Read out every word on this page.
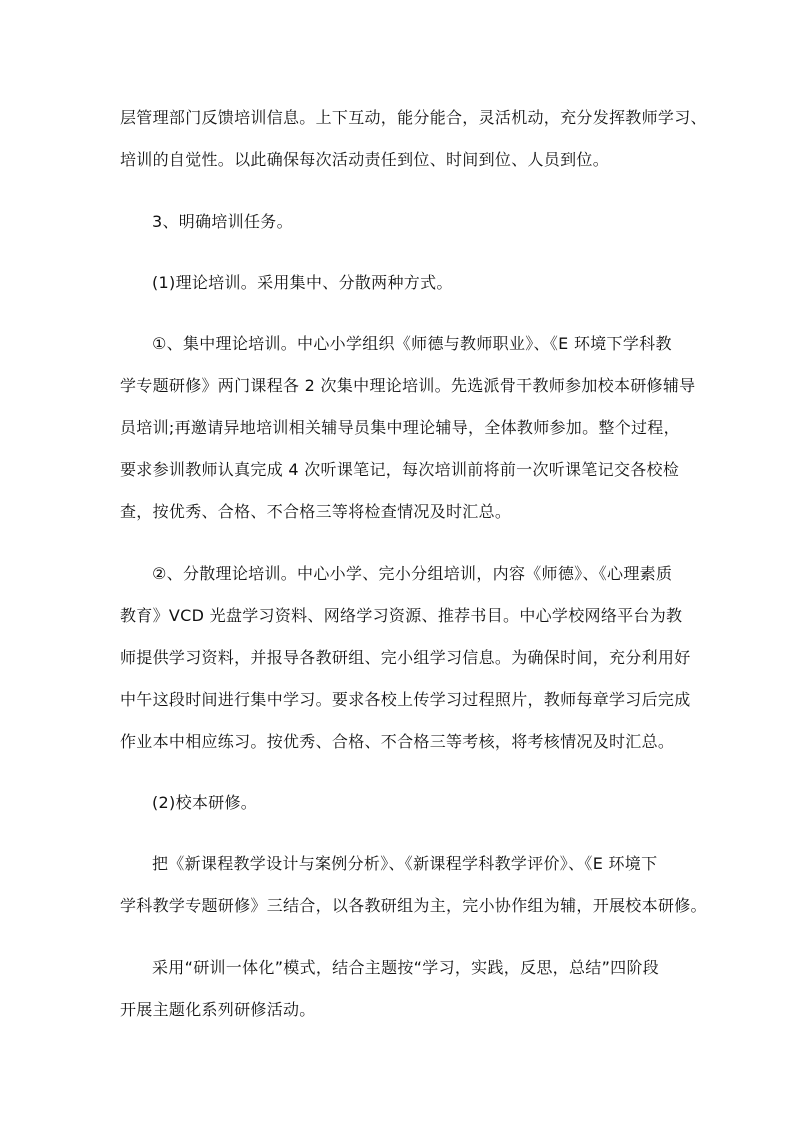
层管理部门反馈培训信息。上下互动，能分能合，灵活机动，充分发挥教师学习、
培训的自觉性。以此确保每次活动责任到位、时间到位、人员到位。
3、明确培训任务。
(1)理论培训。采用集中、分散两种方式。
①、集中理论培训。中心小学组织《师德与教师职业》、《E 环境下学科教
学专题研修》两门课程各 2 次集中理论培训。先选派骨干教师参加校本研修辅导
员培训;再邀请异地培训相关辅导员集中理论辅导，全体教师参加。整个过程，
要求参训教师认真完成 4 次听课笔记，每次培训前将前一次听课笔记交各校检
查，按优秀、合格、不合格三等将检查情况及时汇总。
②、分散理论培训。中心小学、完小分组培训，内容《师德》、《心理素质
教育》VCD 光盘学习资料、网络学习资源、推荐书目。中心学校网络平台为教
师提供学习资料，并报导各教研组、完小组学习信息。为确保时间，充分利用好
中午这段时间进行集中学习。要求各校上传学习过程照片，教师每章学习后完成
作业本中相应练习。按优秀、合格、不合格三等考核，将考核情况及时汇总。
(2)校本研修。
把《新课程教学设计与案例分析》、《新课程学科教学评价》、《E 环境下
学科教学专题研修》三结合，以各教研组为主，完小协作组为辅，开展校本研修。
采用“研训一体化”模式，结合主题按“学习，实践，反思，总结”四阶段
开展主题化系列研修活动。
